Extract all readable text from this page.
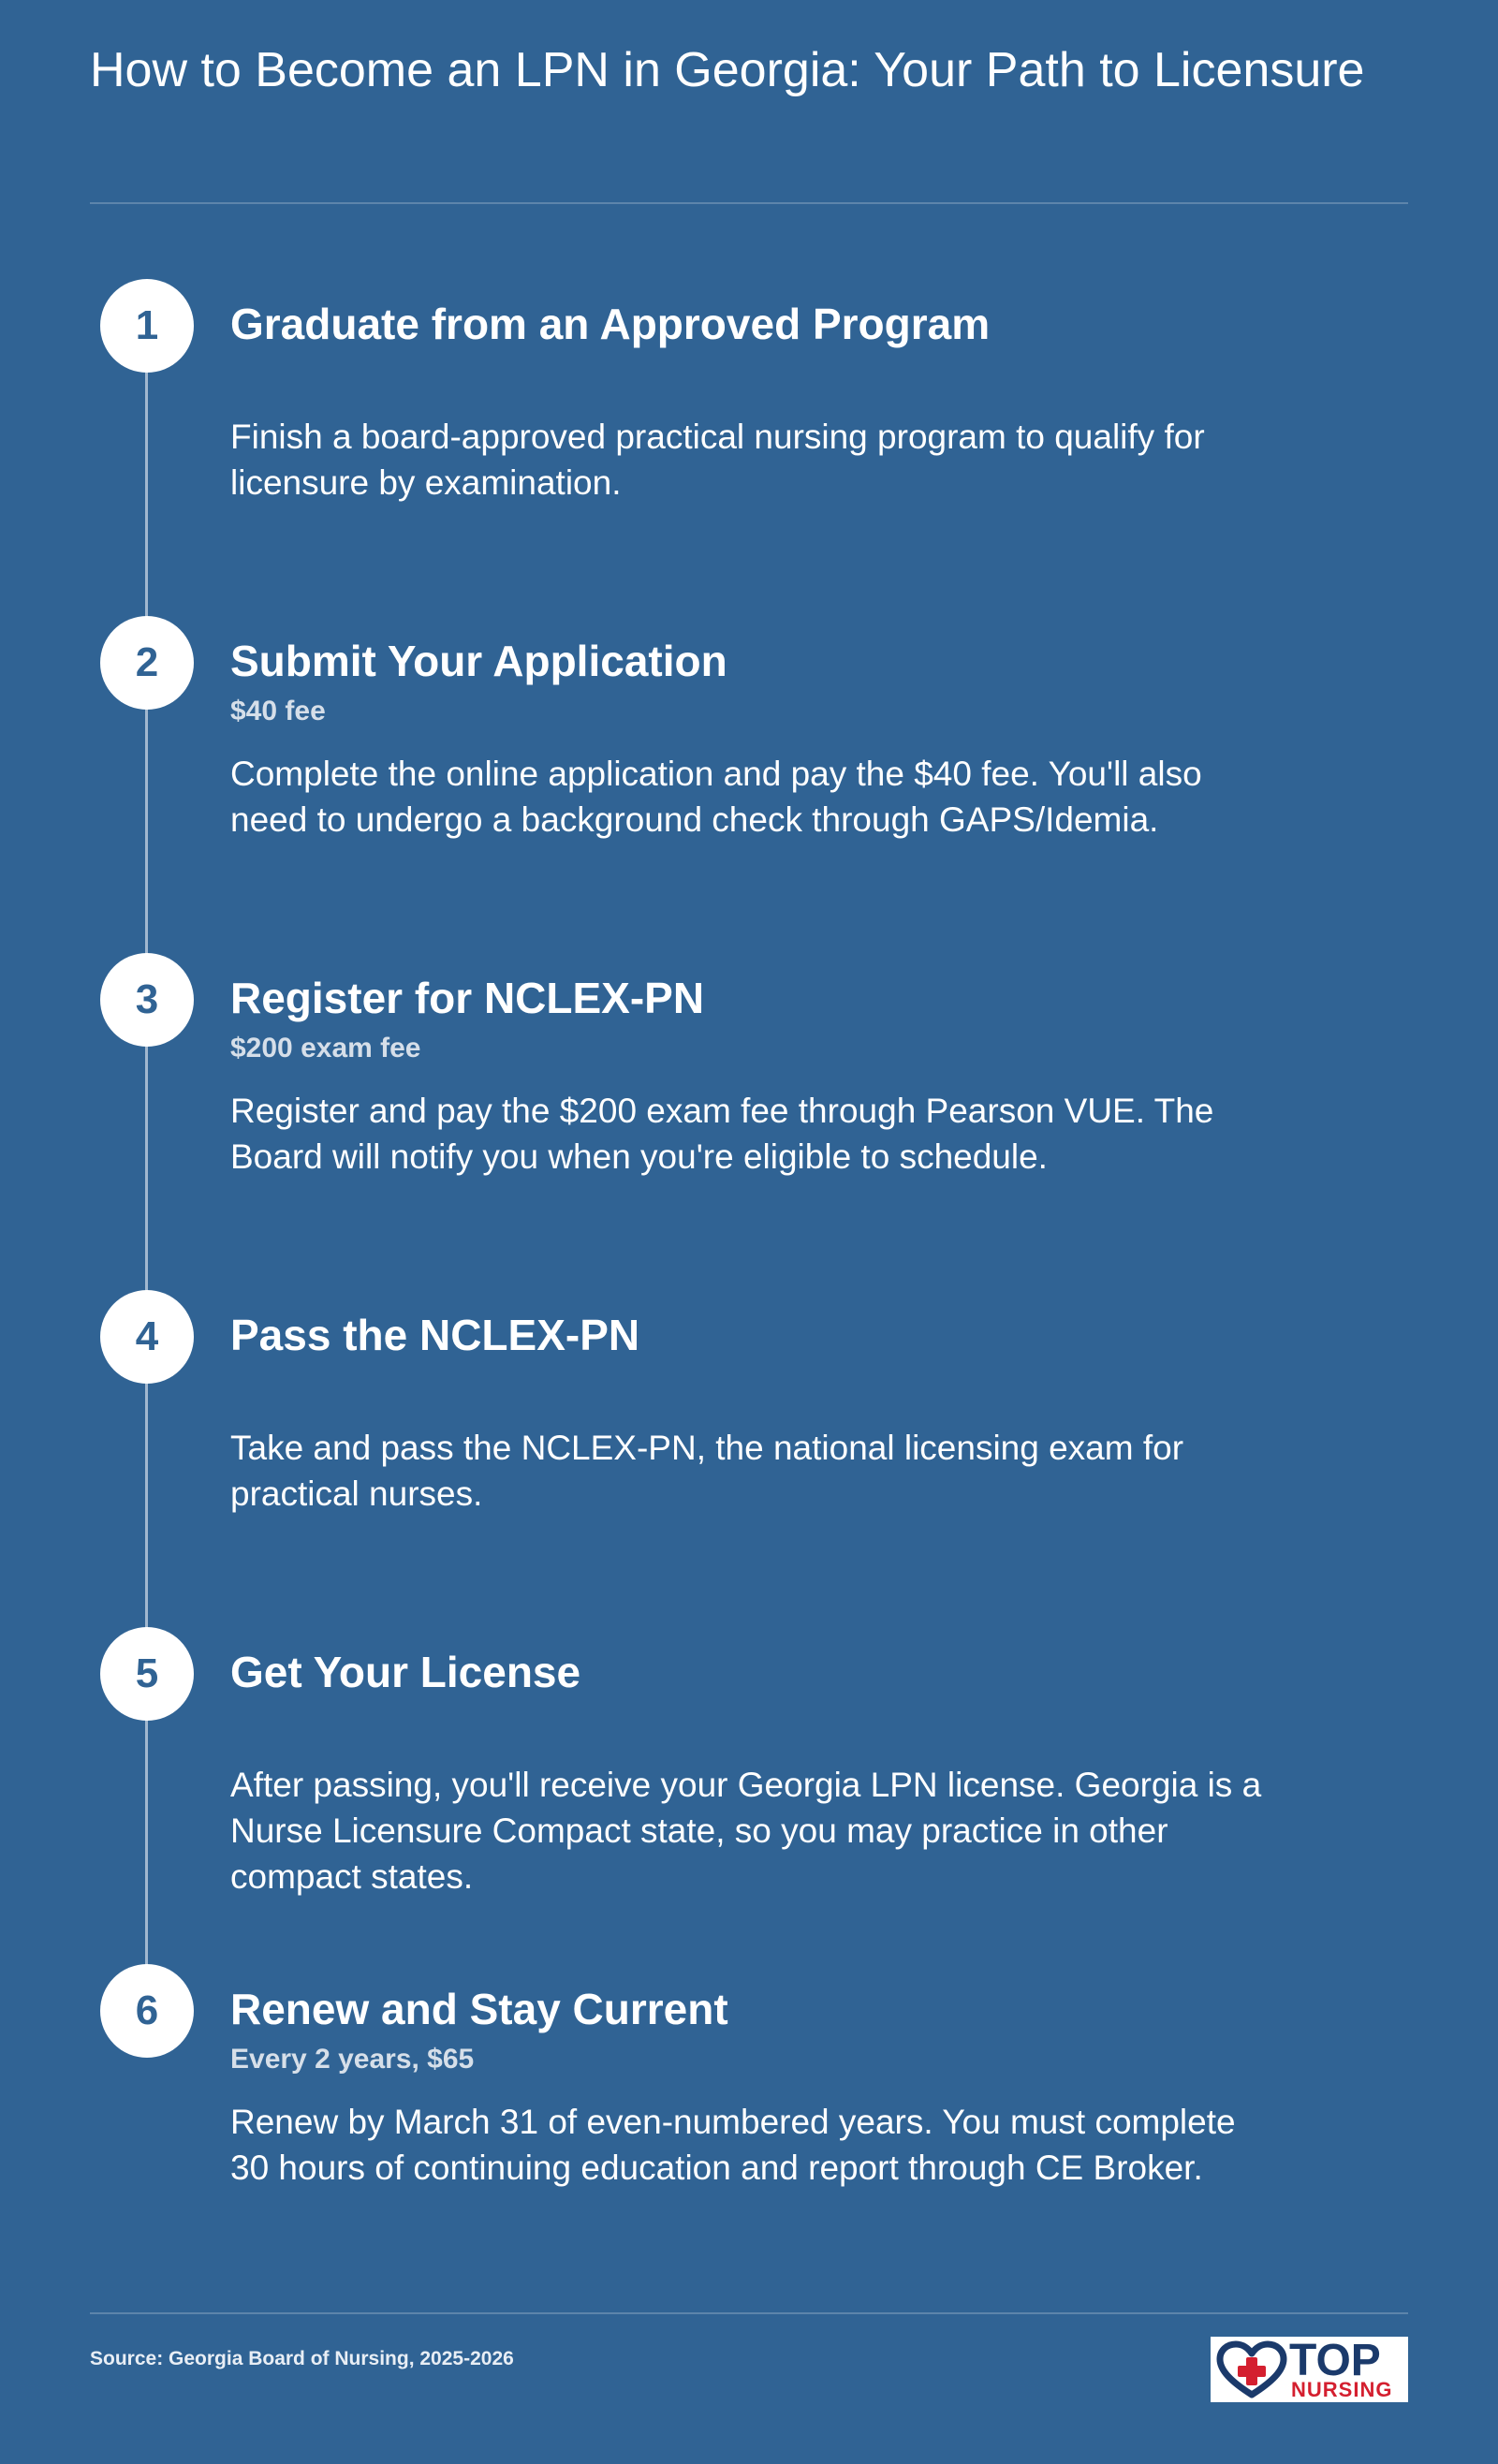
How to Become an LPN in Georgia: Your Path to Licensure
1	Graduate from an Approved Program
Finish a board-approved practical nursing program to qualify for licensure by examination.
2	Submit Your Application
$40 fee
Complete the online application and pay the $40 fee. You'll also need to undergo a background check through GAPS/Idemia.
3	Register for NCLEX-PN
$200 exam fee
Register and pay the $200 exam fee through Pearson VUE. The Board will notify you when you're eligible to schedule.
4	Pass the NCLEX-PN
Take and pass the NCLEX-PN, the national licensing exam for practical nurses.
5	Get Your License
After passing, you'll receive your Georgia LPN license. Georgia is a Nurse Licensure Compact state, so you may practice in other compact states.
6	Renew and Stay Current
Every 2 years, $65
Renew by March 31 of even-numbered years. You must complete 30 hours of continuing education and report through CE Broker.
Source: Georgia Board of Nursing, 2025-2026	TOP
NURSING
